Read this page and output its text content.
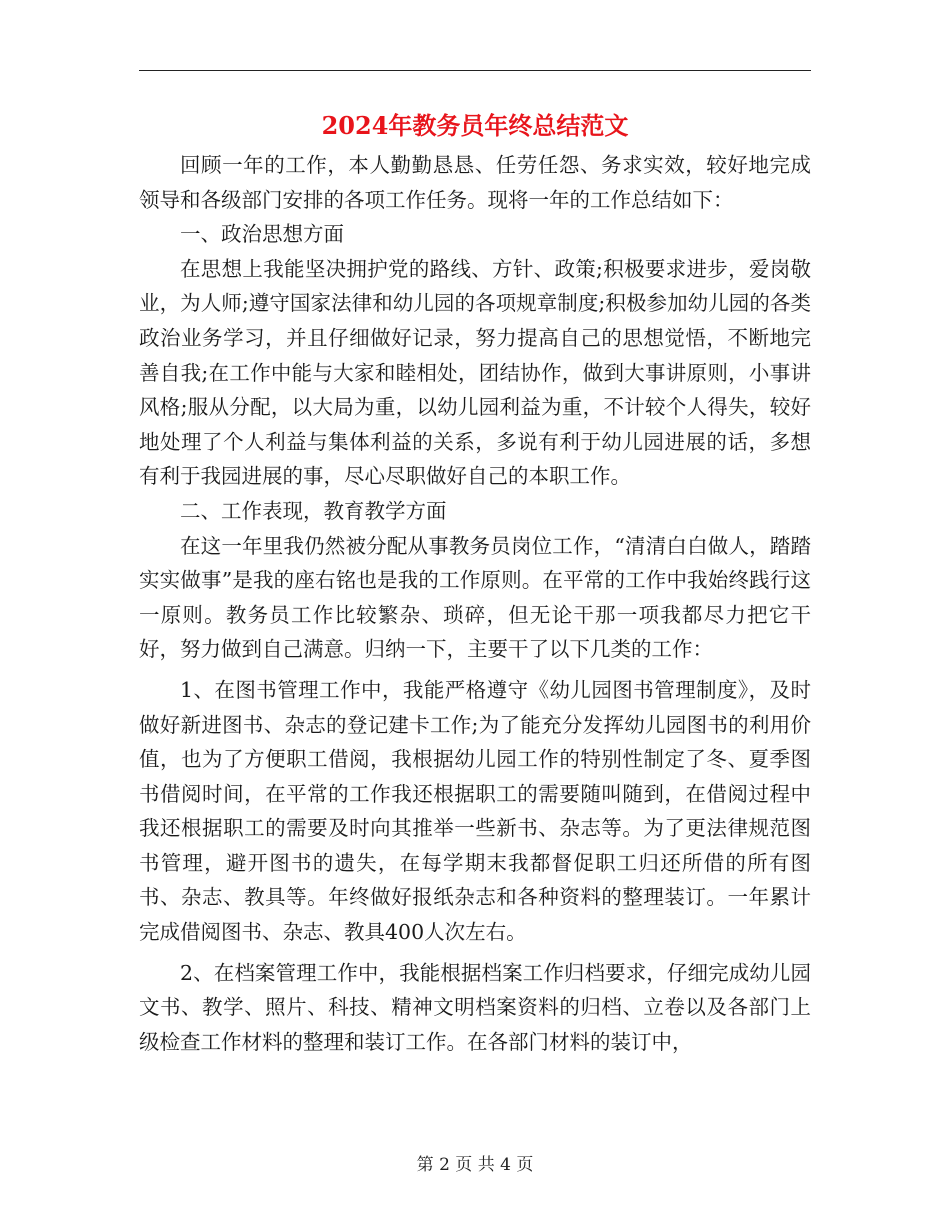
2024年教务员年终总结范文

回顾一年的工作，本人勤勤恳恳、任劳任怨、务求实效，较好地完成领导和各级部门安排的各项工作任务。现将一年的工作总结如下：

一、政治思想方面

在思想上我能坚决拥护党的路线、方针、政策;积极要求进步，爱岗敬业，为人师;遵守国家法律和幼儿园的各项规章制度;积极参加幼儿园的各类政治业务学习，并且仔细做好记录，努力提高自己的思想觉悟，不断地完善自我;在工作中能与大家和睦相处，团结协作，做到大事讲原则，小事讲风格;服从分配，以大局为重，以幼儿园利益为重，不计较个人得失，较好地处理了个人利益与集体利益的关系，多说有利于幼儿园进展的话，多想有利于我园进展的事，尽心尽职做好自己的本职工作。

二、工作表现，教育教学方面

在这一年里我仍然被分配从事教务员岗位工作，“清清白白做人，踏踏实实做事”是我的座右铭也是我的工作原则。在平常的工作中我始终践行这一原则。教务员工作比较繁杂、琐碎，但无论干那一项我都尽力把它干好，努力做到自己满意。归纳一下，主要干了以下几类的工作：

1、在图书管理工作中，我能严格遵守《幼儿园图书管理制度》，及时做好新进图书、杂志的登记建卡工作;为了能充分发挥幼儿园图书的利用价值，也为了方便职工借阅，我根据幼儿园工作的特别性制定了冬、夏季图书借阅时间，在平常的工作我还根据职工的需要随叫随到，在借阅过程中我还根据职工的需要及时向其推举一些新书、杂志等。为了更法律规范图书管理，避开图书的遗失，在每学期末我都督促职工归还所借的所有图书、杂志、教具等。年终做好报纸杂志和各种资料的整理装订。一年累计完成借阅图书、杂志、教具400人次左右。

2、在档案管理工作中，我能根据档案工作归档要求，仔细完成幼儿园文书、教学、照片、科技、精神文明档案资料的归档、立卷以及各部门上级检查工作材料的整理和装订工作。在各部门材料的装订中，

第 2 页 共 4 页
